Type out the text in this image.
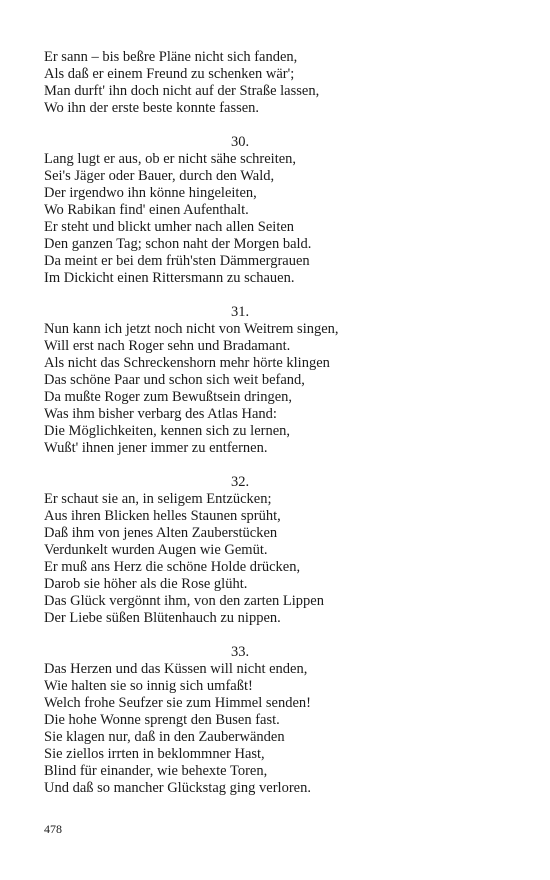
Er sann – bis beßre Pläne nicht sich fanden,
Als daß er einem Freund zu schenken wär';
Man durft' ihn doch nicht auf der Straße lassen,
Wo ihn der erste beste konnte fassen.
30.
Lang lugt er aus, ob er nicht sähe schreiten,
Sei's Jäger oder Bauer, durch den Wald,
Der irgendwo ihn könne hingeleiten,
Wo Rabikan find' einen Aufenthalt.
Er steht und blickt umher nach allen Seiten
Den ganzen Tag; schon naht der Morgen bald.
Da meint er bei dem früh'sten Dämmergrauen
Im Dickicht einen Rittersmann zu schauen.
31.
Nun kann ich jetzt noch nicht von Weitrem singen,
Will erst nach Roger sehn und Bradamant.
Als nicht das Schreckenshorn mehr hörte klingen
Das schöne Paar und schon sich weit befand,
Da mußte Roger zum Bewußtsein dringen,
Was ihm bisher verbarg des Atlas Hand:
Die Möglichkeiten, kennen sich zu lernen,
Wußt' ihnen jener immer zu entfernen.
32.
Er schaut sie an, in seligem Entzücken;
Aus ihren Blicken helles Staunen sprüht,
Daß ihm von jenes Alten Zauberstücken
Verdunkelt wurden Augen wie Gemüt.
Er muß ans Herz die schöne Holde drücken,
Darob sie höher als die Rose glüht.
Das Glück vergönnt ihm, von den zarten Lippen
Der Liebe süßen Blütenhauch zu nippen.
33.
Das Herzen und das Küssen will nicht enden,
Wie halten sie so innig sich umfaßt!
Welch frohe Seufzer sie zum Himmel senden!
Die hohe Wonne sprengt den Busen fast.
Sie klagen nur, daß in den Zauberwänden
Sie ziellos irrten in beklommner Hast,
Blind für einander, wie behexte Toren,
Und daß so mancher Glückstag ging verloren.
478
